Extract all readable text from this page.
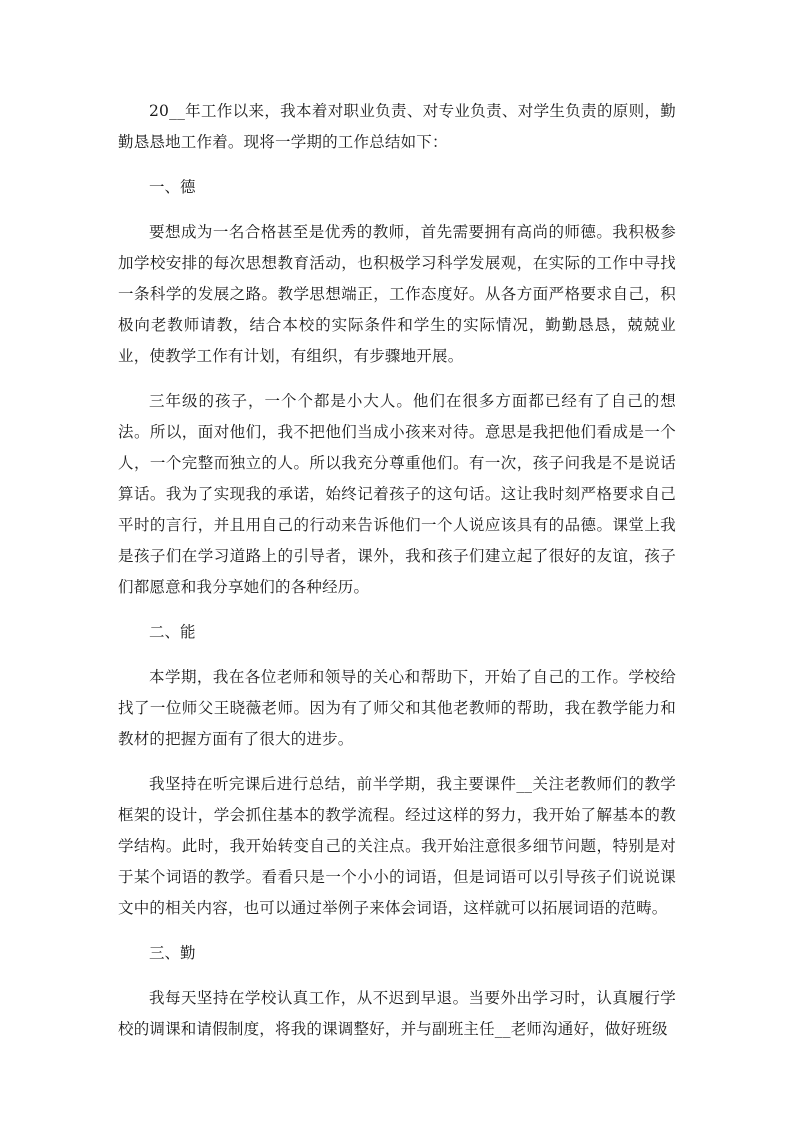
20__年工作以来，我本着对职业负责、对专业负责、对学生负责的原则，勤勤恳恳地工作着。现将一学期的工作总结如下：

一、德

要想成为一名合格甚至是优秀的教师，首先需要拥有高尚的师德。我积极参加学校安排的每次思想教育活动，也积极学习科学发展观，在实际的工作中寻找一条科学的发展之路。教学思想端正，工作态度好。从各方面严格要求自己，积极向老教师请教，结合本校的实际条件和学生的实际情况，勤勤恳恳，兢兢业业，使教学工作有计划，有组织，有步骤地开展。

三年级的孩子，一个个都是小大人。他们在很多方面都已经有了自己的想法。所以，面对他们，我不把他们当成小孩来对待。意思是我把他们看成是一个人，一个完整而独立的人。所以我充分尊重他们。有一次，孩子问我是不是说话算话。我为了实现我的承诺，始终记着孩子的这句话。这让我时刻严格要求自己平时的言行，并且用自己的行动来告诉他们一个人说应该具有的品德。课堂上我是孩子们在学习道路上的引导者，课外，我和孩子们建立起了很好的友谊，孩子们都愿意和我分享她们的各种经历。

二、能

本学期，我在各位老师和领导的关心和帮助下，开始了自己的工作。学校给找了一位师父王晓薇老师。因为有了师父和其他老教师的帮助，我在教学能力和教材的把握方面有了很大的进步。

我坚持在听完课后进行总结，前半学期，我主要课件__关注老教师们的教学框架的设计，学会抓住基本的教学流程。经过这样的努力，我开始了解基本的教学结构。此时，我开始转变自己的关注点。我开始注意很多细节问题，特别是对于某个词语的教学。看看只是一个小小的词语，但是词语可以引导孩子们说说课文中的相关内容，也可以通过举例子来体会词语，这样就可以拓展词语的范畴。

三、勤

我每天坚持在学校认真工作，从不迟到早退。当要外出学习时，认真履行学校的调课和请假制度，将我的课调整好，并与副班主任__老师沟通好，做好班级
